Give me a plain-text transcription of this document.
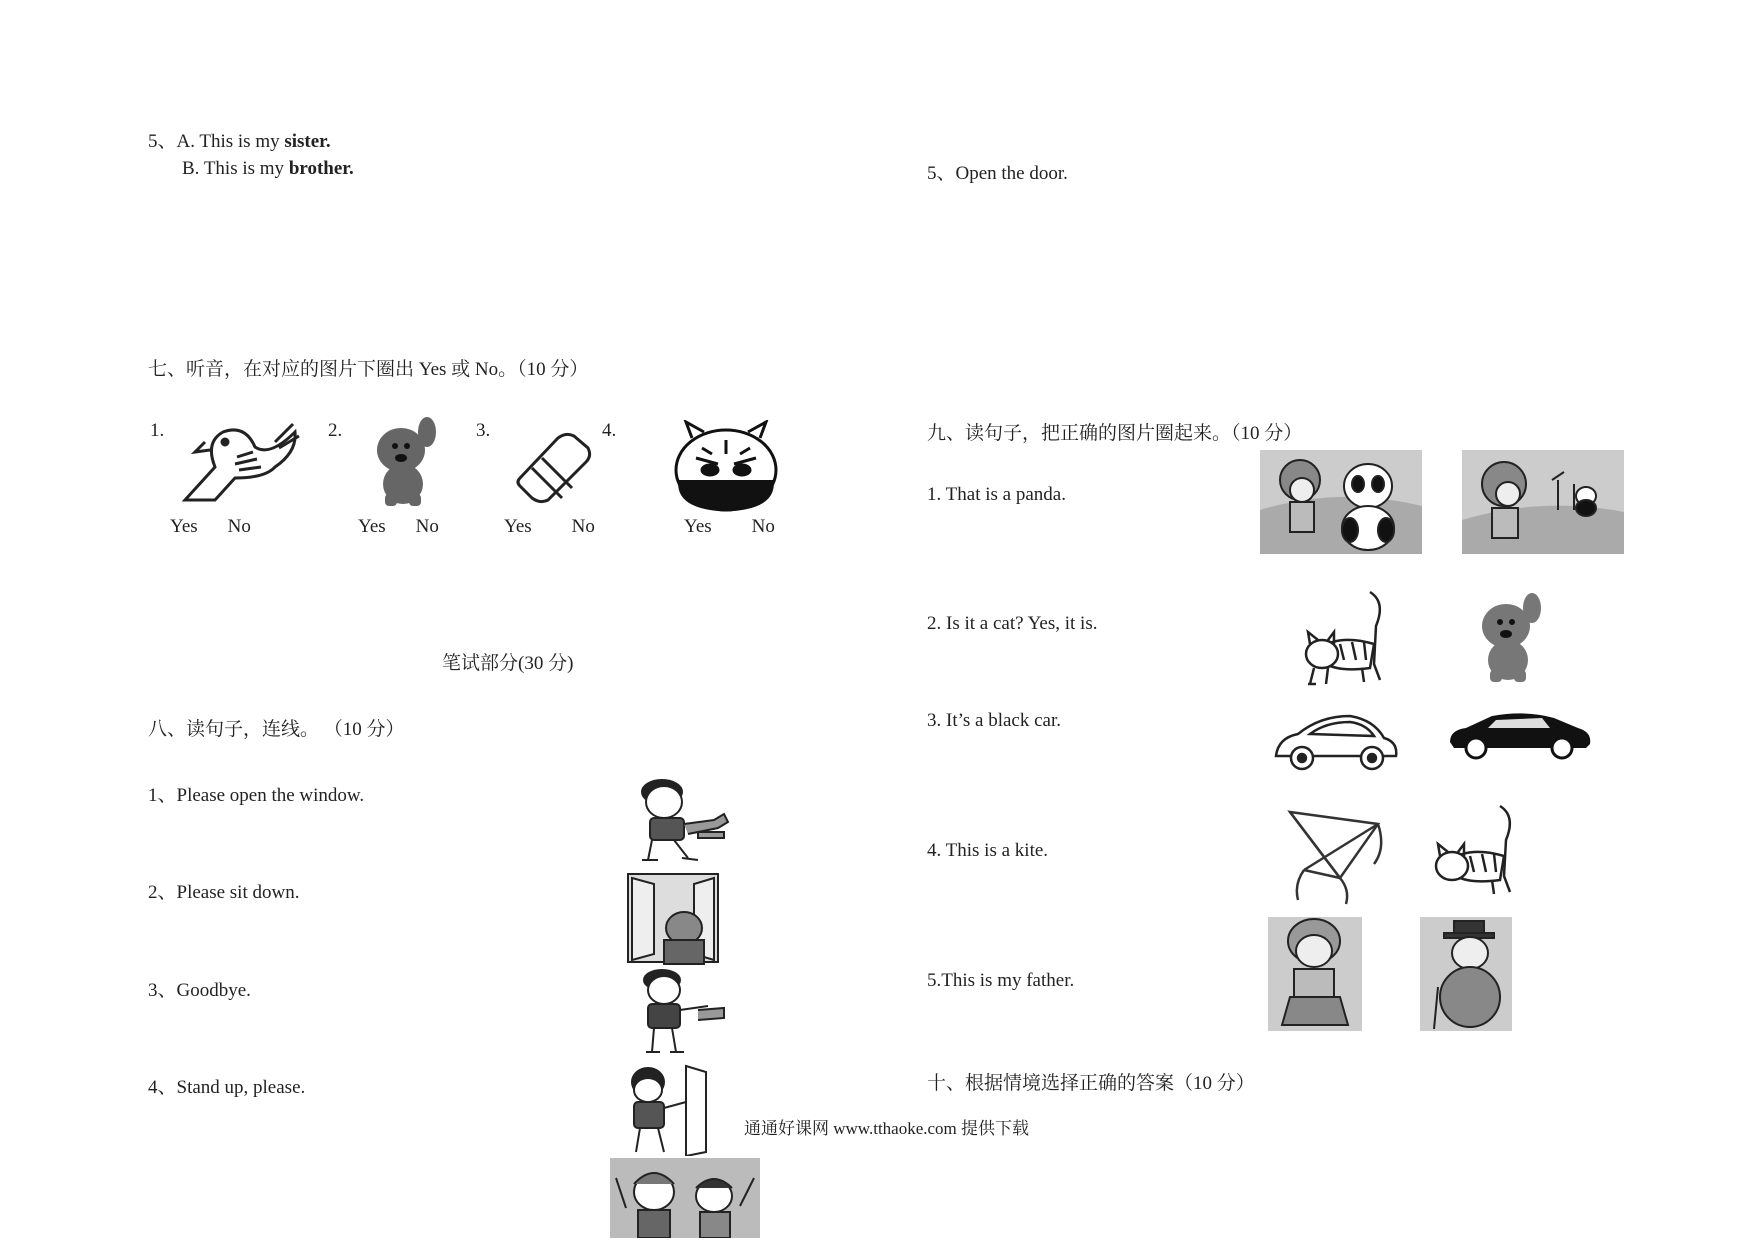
5、A. This is my sister.
B. This is my brother.
七、听音，在对应的图片下圈出 Yes 或 No。（10 分）
1.	2.	3.	4.
Yes No	Yes No	Yes No	Yes No
笔试部分(30 分)
八、读句子，连线。 （10 分）
1、Please open the window.
2、Please sit down.
3、Goodbye.
4、Stand up, please.
5、Open the door.
九、读句子，把正确的图片圈起来。（10 分）
1. That is a panda.
2. Is it a cat? Yes, it is.
3. It’s a black car.
4. This is a kite.
5.This is my father.
十、根据情境选择正确的答案（10 分）
通通好课网 www.tthaoke.com 提供下载
